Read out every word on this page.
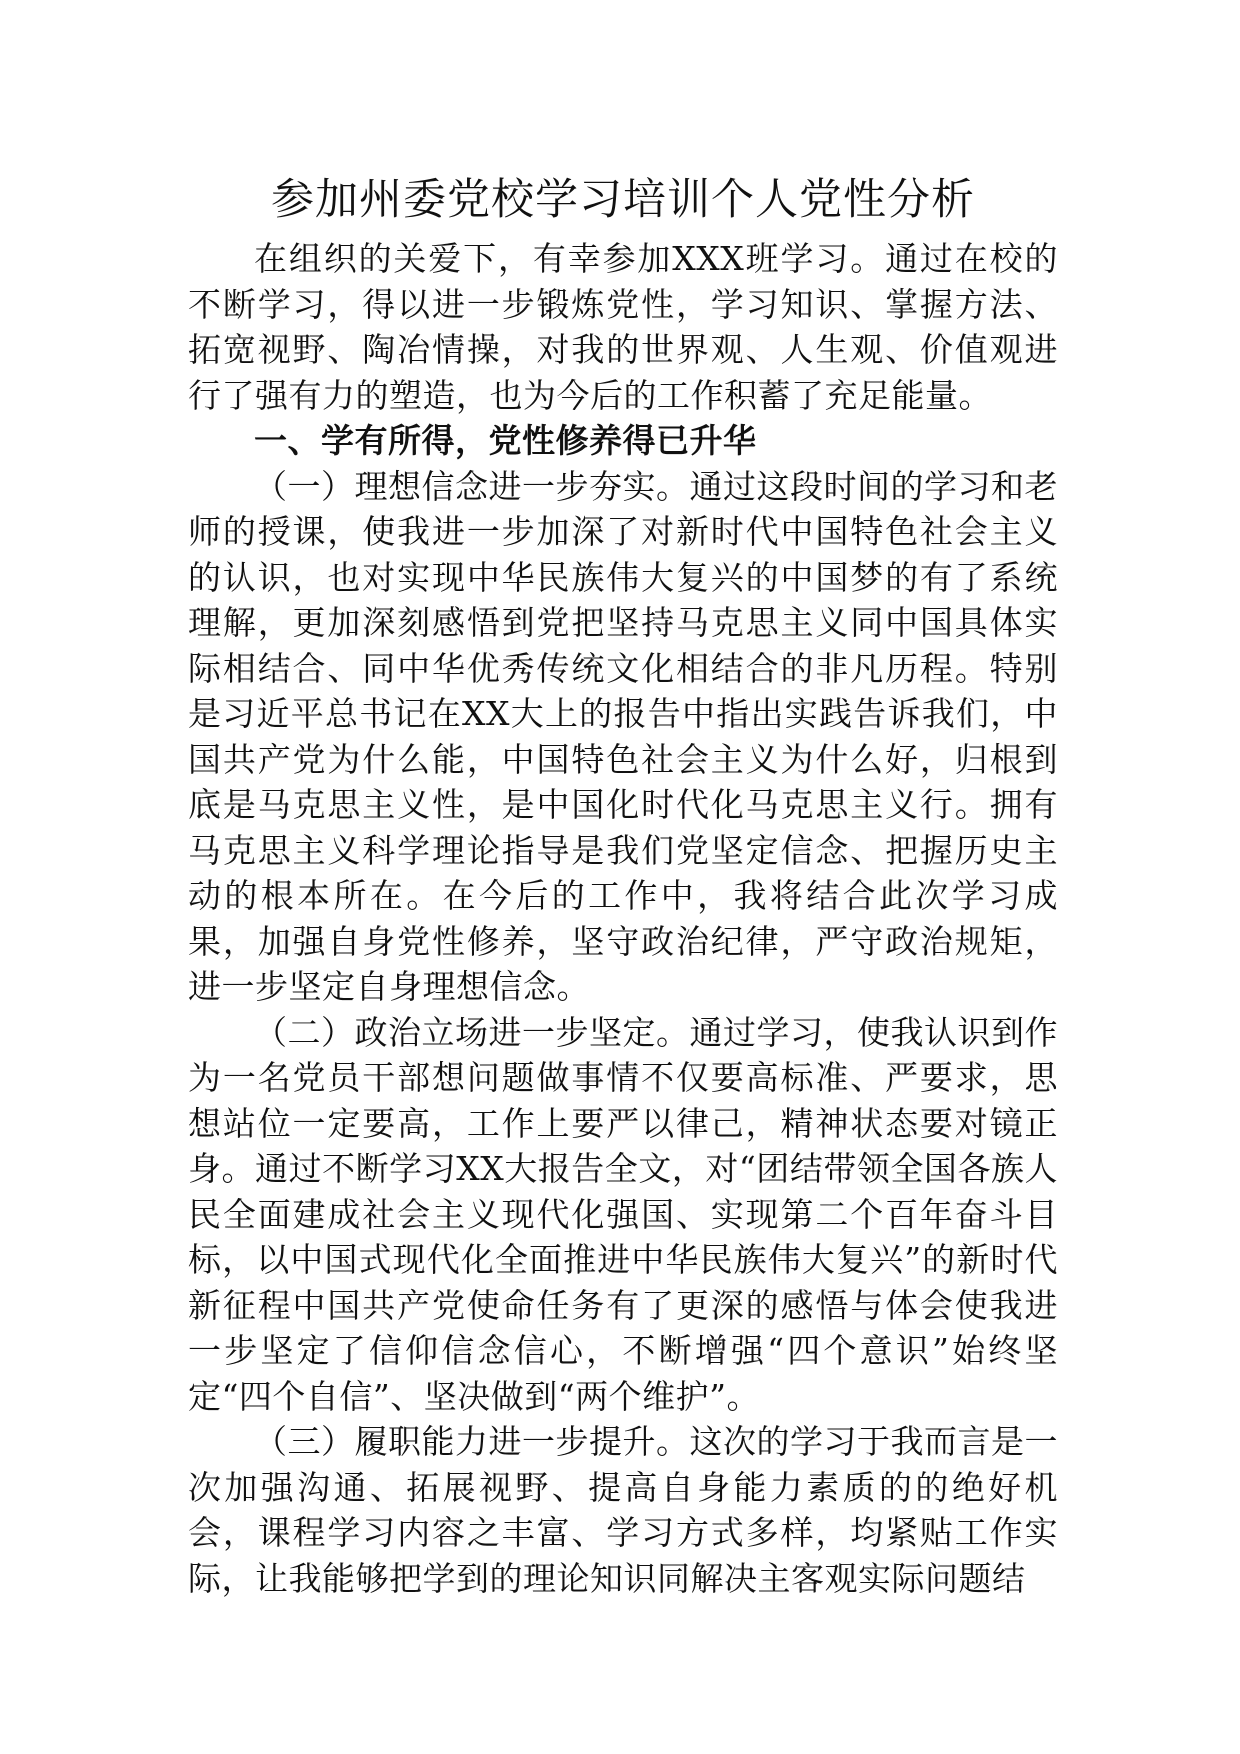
参加州委党校学习培训个人党性分析

在组织的关爱下，有幸参加XXX班学习。通过在校的不断学习，得以进一步锻炼党性，学习知识、掌握方法、拓宽视野、陶冶情操，对我的世界观、人生观、价值观进行了强有力的塑造，也为今后的工作积蓄了充足能量。

一、学有所得，党性修养得已升华

（一）理想信念进一步夯实。通过这段时间的学习和老师的授课，使我进一步加深了对新时代中国特色社会主义的认识，也对实现中华民族伟大复兴的中国梦的有了系统理解，更加深刻感悟到党把坚持马克思主义同中国具体实际相结合、同中华优秀传统文化相结合的非凡历程。特别是习近平总书记在XX大上的报告中指出实践告诉我们，中国共产党为什么能，中国特色社会主义为什么好，归根到底是马克思主义性，是中国化时代化马克思主义行。拥有马克思主义科学理论指导是我们党坚定信念、把握历史主动的根本所在。在今后的工作中，我将结合此次学习成果，加强自身党性修养，坚守政治纪律，严守政治规矩，进一步坚定自身理想信念。

（二）政治立场进一步坚定。通过学习，使我认识到作为一名党员干部想问题做事情不仅要高标准、严要求，思想站位一定要高，工作上要严以律己，精神状态要对镜正身。通过不断学习XX大报告全文，对“团结带领全国各族人民全面建成社会主义现代化强国、实现第二个百年奋斗目标，以中国式现代化全面推进中华民族伟大复兴”的新时代新征程中国共产党使命任务有了更深的感悟与体会使我进一步坚定了信仰信念信心，不断增强“四个意识”始终坚定“四个自信”、坚决做到“两个维护”。

（三）履职能力进一步提升。这次的学习于我而言是一次加强沟通、拓展视野、提高自身能力素质的的绝好机会，课程学习内容之丰富、学习方式多样，均紧贴工作实际，让我能够把学到的理论知识同解决主客观实际问题结
